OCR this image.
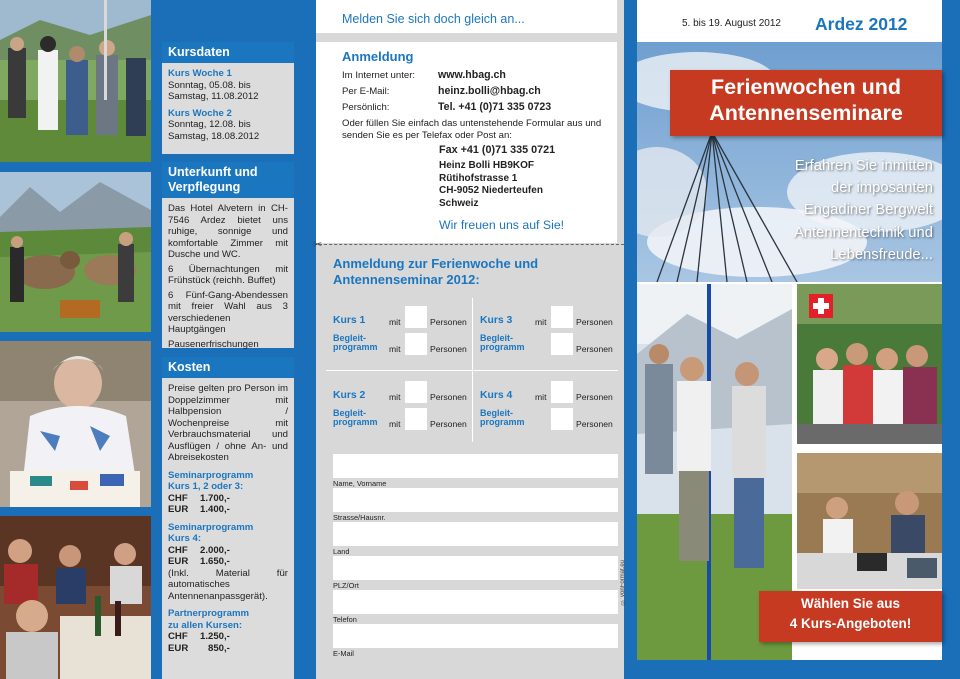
Kursdaten
Kurs Woche 1
Sonntag, 05.08. bis
Samstag, 11.08.2012
Kurs Woche 2
Sonntag, 12.08. bis
Samstag, 18.08.2012
Unterkunft und
Verpflegung
Das Hotel Alvetern in CH-7546 Ardez bietet uns ruhige, sonnige und komfortable Zimmer mit Dusche und WC.
6 Übernachtungen mit Frühstück (reichh. Buffet)
6 Fünf-Gang-Abendessen mit freier Wahl aus 3 verschiedenen Hauptgängen
Pausenerfrischungen
Kosten
Preise gelten pro Person im Doppelzimmer mit Halbpension / Wochenpreise mit Verbrauchsmaterial und Ausflügen / ohne An- und Abreisekosten
Seminarprogramm
Kurs 1, 2 oder 3:
CHF	1.700,-
EUR	1.400,-
Seminarprogramm
Kurs 4:
CHF	2.000,-
EUR	1.650,-
(Inkl. Material für automatisches Antennenanpassgerät).
Partnerprogramm
zu allen Kursen:
CHF	1.250,-
EUR	850,-
Melden Sie sich doch gleich an...
Anmeldung
Im Internet unter:	www.hbag.ch
Per E-Mail:	heinz.bolli@hbag.ch
Persönlich:	Tel. +41 (0)71 335 0723
Oder füllen Sie einfach das untenstehende Formular aus und senden Sie es per Telefax oder Post an:
Fax +41 (0)71 335 0721
Heinz Bolli HB9KOF
Rütihofstrasse 1
CH-9052 Niederteufen
Schweiz
Wir freuen uns auf Sie!
✂
Anmeldung zur Ferienwoche und
Antennenseminar 2012:
Kurs 1	mit	Personen
Begleit-
programm mit	Personen
Kurs 3	mit	Personen
Begleit-
programm	Personen
Kurs 2	mit	Personen
Begleit-
programm mit	Personen
Kurs 4	mit	Personen
Begleit-
programm	Personen
Name, Vorname
Strasse/Hausnr.
Land
PLZ/Ort
Telefon
E-Mail
© vonFormat.eu
5. bis 19. August 2012 Ardez 2012
Ferienwochen und
Antennenseminare
Erfahren Sie inmitten
der imposanten
Engadiner Bergwelt
Antennentechnik und
Lebensfreude...
Wählen Sie aus
4 Kurs-Angeboten!
